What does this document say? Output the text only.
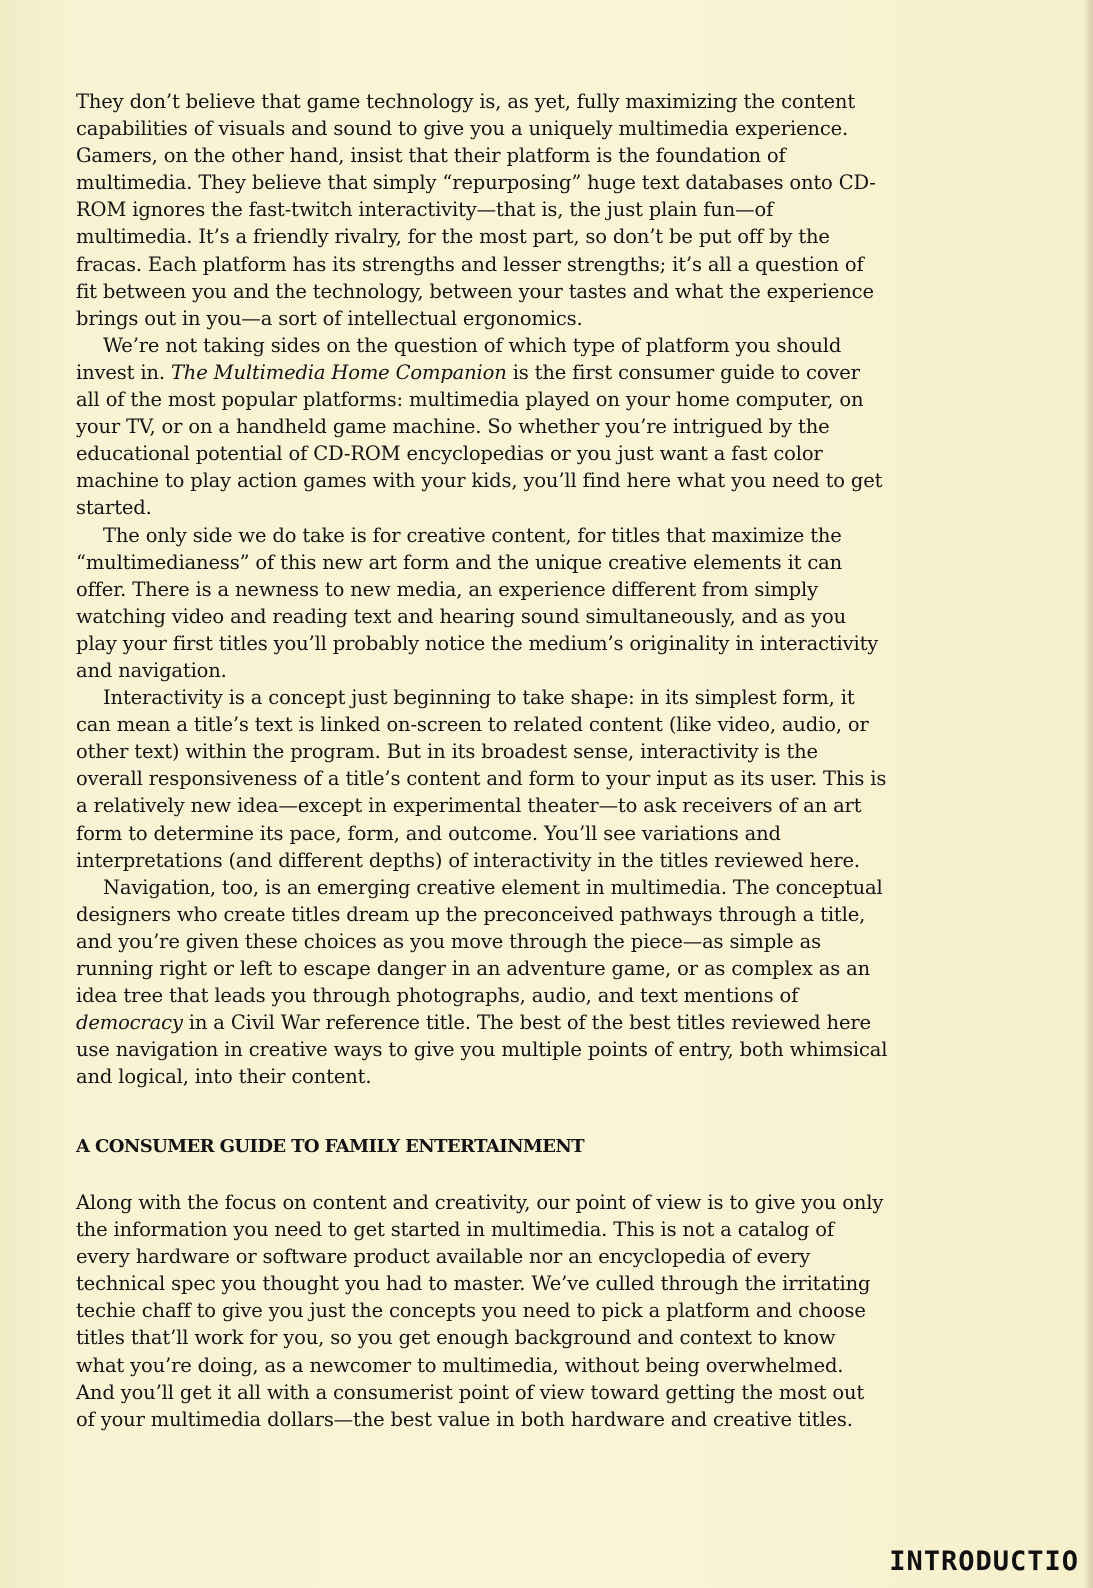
They don’t believe that game technology is, as yet, fully maximizing the content capabilities of visuals and sound to give you a uniquely multimedia experience. Gamers, on the other hand, insist that their platform is the foundation of multimedia. They believe that simply “repurposing” huge text databases onto CD-ROM ignores the fast-twitch interactivity—that is, the just plain fun—of multimedia. It’s a friendly rivalry, for the most part, so don’t be put off by the fracas. Each platform has its strengths and lesser strengths; it’s all a question of fit between you and the technology, between your tastes and what the experience brings out in you—a sort of intellectual ergonomics.

We’re not taking sides on the question of which type of platform you should invest in. The Multimedia Home Companion is the first consumer guide to cover all of the most popular platforms: multimedia played on your home computer, on your TV, or on a handheld game machine. So whether you’re intrigued by the educational potential of CD-ROM encyclopedias or you just want a fast color machine to play action games with your kids, you’ll find here what you need to get started.

The only side we do take is for creative content, for titles that maximize the “multimedianess” of this new art form and the unique creative elements it can offer. There is a newness to new media, an experience different from simply watching video and reading text and hearing sound simultaneously, and as you play your first titles you’ll probably notice the medium’s originality in interactivity and navigation.

Interactivity is a concept just beginning to take shape: in its simplest form, it can mean a title’s text is linked on-screen to related content (like video, audio, or other text) within the program. But in its broadest sense, interactivity is the overall responsiveness of a title’s content and form to your input as its user. This is a relatively new idea—except in experimental theater—to ask receivers of an art form to determine its pace, form, and outcome. You’ll see variations and interpretations (and different depths) of interactivity in the titles reviewed here.

Navigation, too, is an emerging creative element in multimedia. The conceptual designers who create titles dream up the preconceived pathways through a title, and you’re given these choices as you move through the piece—as simple as running right or left to escape danger in an adventure game, or as complex as an idea tree that leads you through photographs, audio, and text mentions of democracy in a Civil War reference title. The best of the best titles reviewed here use navigation in creative ways to give you multiple points of entry, both whimsical and logical, into their content.

A CONSUMER GUIDE TO FAMILY ENTERTAINMENT

Along with the focus on content and creativity, our point of view is to give you only the information you need to get started in multimedia. This is not a catalog of every hardware or software product available nor an encyclopedia of every technical spec you thought you had to master. We’ve culled through the irritating techie chaff to give you just the concepts you need to pick a platform and choose titles that’ll work for you, so you get enough background and context to know what you’re doing, as a newcomer to multimedia, without being overwhelmed. And you’ll get it all with a consumerist point of view toward getting the most out of your multimedia dollars—the best value in both hardware and creative titles.

INTRODUCTIO
